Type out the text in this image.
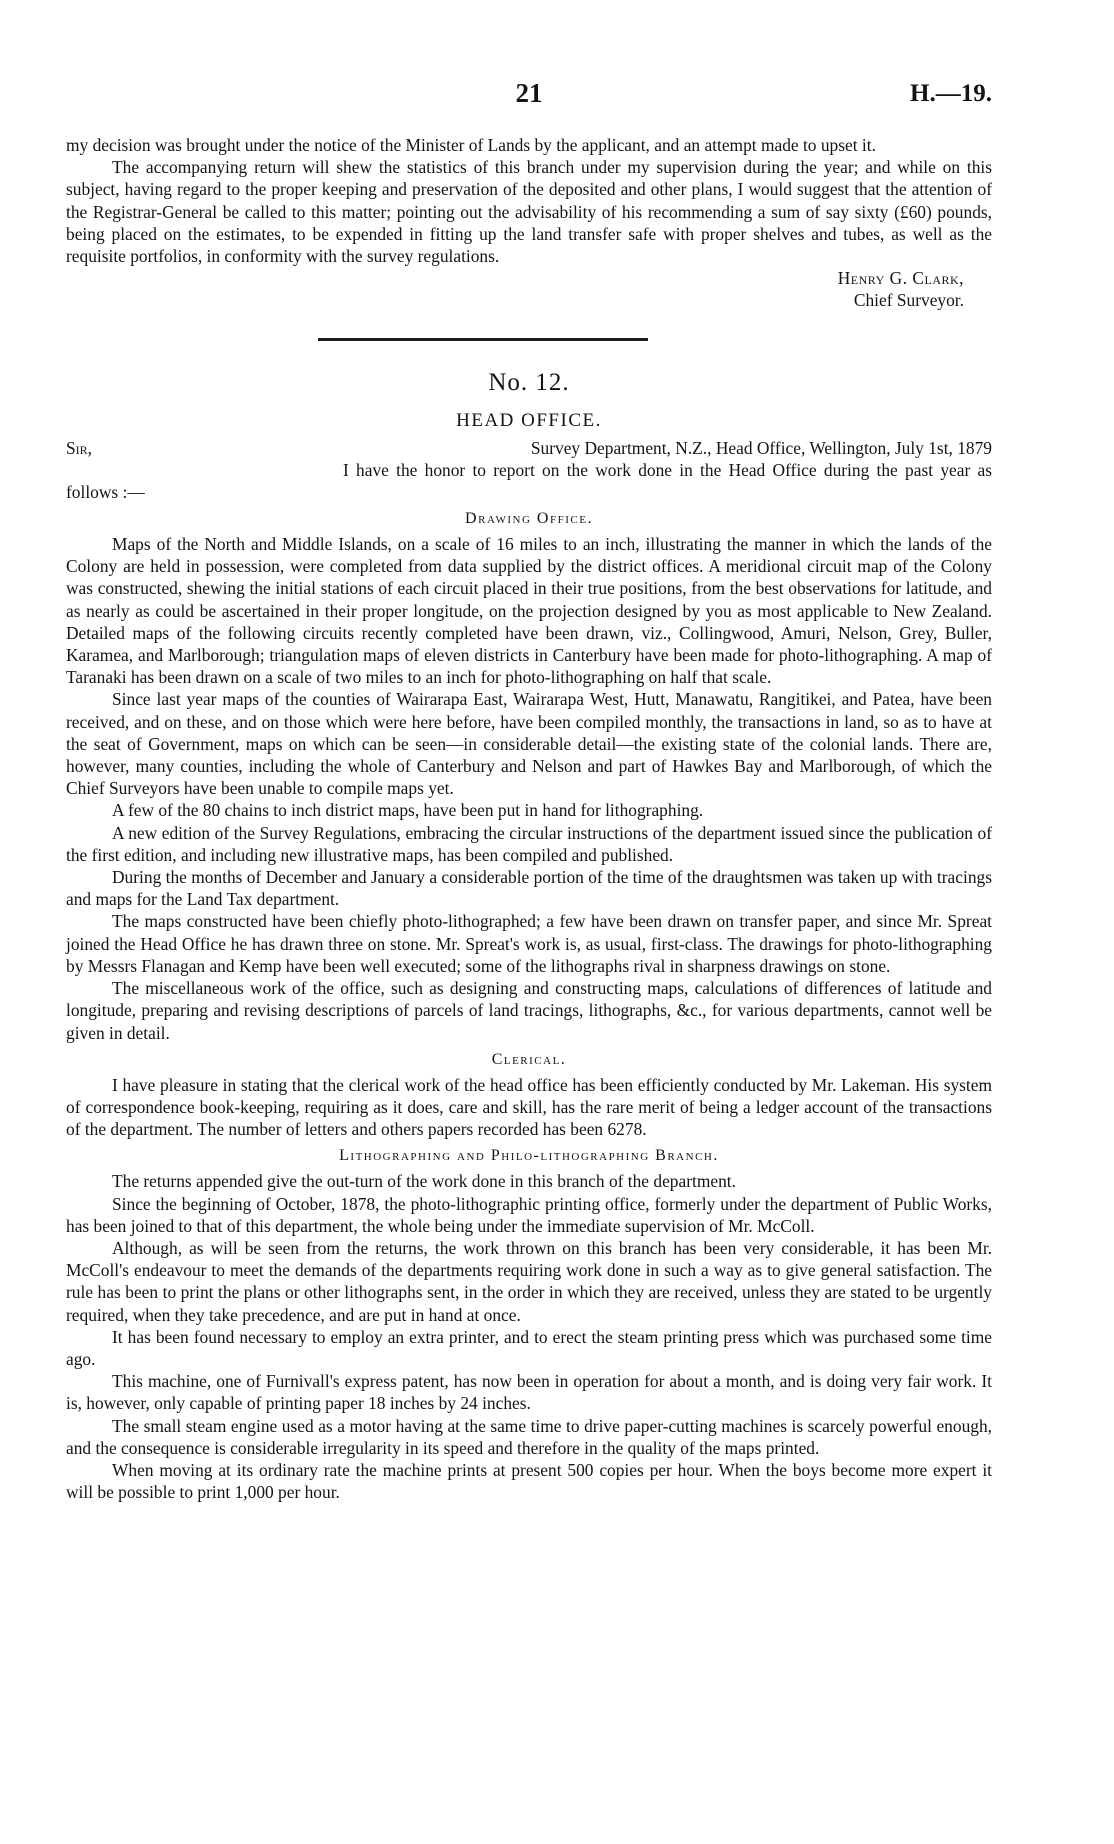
21	H.—19.

my decision was brought under the notice of the Minister of Lands by the applicant, and an attempt made to upset it.

The accompanying return will shew the statistics of this branch under my supervision during the year; and while on this subject, having regard to the proper keeping and preservation of the deposited and other plans, I would suggest that the attention of the Registrar-General be called to this matter; pointing out the advisability of his recommending a sum of say sixty (£60) pounds, being placed on the estimates, to be expended in fitting up the land transfer safe with proper shelves and tubes, as well as the requisite portfolios, in conformity with the survey regulations.

Henry G. Clark,
Chief Surveyor.
No. 12.
HEAD OFFICE.
Sir,	Survey Department, N.Z., Head Office, Wellington, July 1st, 1879

I have the honor to report on the work done in the Head Office during the past year as follows :—

Drawing Office.

Maps of the North and Middle Islands, on a scale of 16 miles to an inch, illustrating the manner in which the lands of the Colony are held in possession, were completed from data supplied by the district offices. A meridional circuit map of the Colony was constructed, shewing the initial stations of each circuit placed in their true positions, from the best observations for latitude, and as nearly as could be ascertained in their proper longitude, on the projection designed by you as most applicable to New Zealand. Detailed maps of the following circuits recently completed have been drawn, viz., Collingwood, Amuri, Nelson, Grey, Buller, Karamea, and Marlborough; triangulation maps of eleven districts in Canterbury have been made for photo-lithographing. A map of Taranaki has been drawn on a scale of two miles to an inch for photo-lithographing on half that scale.

Since last year maps of the counties of Wairarapa East, Wairarapa West, Hutt, Manawatu, Rangitikei, and Patea, have been received, and on these, and on those which were here before, have been compiled monthly, the transactions in land, so as to have at the seat of Government, maps on which can be seen—in considerable detail—the existing state of the colonial lands. There are, however, many counties, including the whole of Canterbury and Nelson and part of Hawkes Bay and Marlborough, of which the Chief Surveyors have been unable to compile maps yet.

A few of the 80 chains to inch district maps, have been put in hand for lithographing.

A new edition of the Survey Regulations, embracing the circular instructions of the department issued since the publication of the first edition, and including new illustrative maps, has been compiled and published.

During the months of December and January a considerable portion of the time of the draughtsmen was taken up with tracings and maps for the Land Tax department.

The maps constructed have been chiefly photo-lithographed; a few have been drawn on transfer paper, and since Mr. Spreat joined the Head Office he has drawn three on stone. Mr. Spreat's work is, as usual, first-class. The drawings for photo-lithographing by Messrs Flanagan and Kemp have been well executed; some of the lithographs rival in sharpness drawings on stone.

The miscellaneous work of the office, such as designing and constructing maps, calculations of differences of latitude and longitude, preparing and revising descriptions of parcels of land tracings, lithographs, &c., for various departments, cannot well be given in detail.

Clerical.

I have pleasure in stating that the clerical work of the head office has been efficiently conducted by Mr. Lakeman. His system of correspondence book-keeping, requiring as it does, care and skill, has the rare merit of being a ledger account of the transactions of the department. The number of letters and others papers recorded has been 6278.

Lithographing and Philo-lithographing Branch.

The returns appended give the out-turn of the work done in this branch of the department.

Since the beginning of October, 1878, the photo-lithographic printing office, formerly under the department of Public Works, has been joined to that of this department, the whole being under the immediate supervision of Mr. McColl.

Although, as will be seen from the returns, the work thrown on this branch has been very considerable, it has been Mr. McColl's endeavour to meet the demands of the departments requiring work done in such a way as to give general satisfaction. The rule has been to print the plans or other lithographs sent, in the order in which they are received, unless they are stated to be urgently required, when they take precedence, and are put in hand at once.

It has been found necessary to employ an extra printer, and to erect the steam printing press which was purchased some time ago.

This machine, one of Furnivall's express patent, has now been in operation for about a month, and is doing very fair work. It is, however, only capable of printing paper 18 inches by 24 inches.

The small steam engine used as a motor having at the same time to drive paper-cutting machines is scarcely powerful enough, and the consequence is considerable irregularity in its speed and therefore in the quality of the maps printed.

When moving at its ordinary rate the machine prints at present 500 copies per hour. When the boys become more expert it will be possible to print 1,000 per hour.
